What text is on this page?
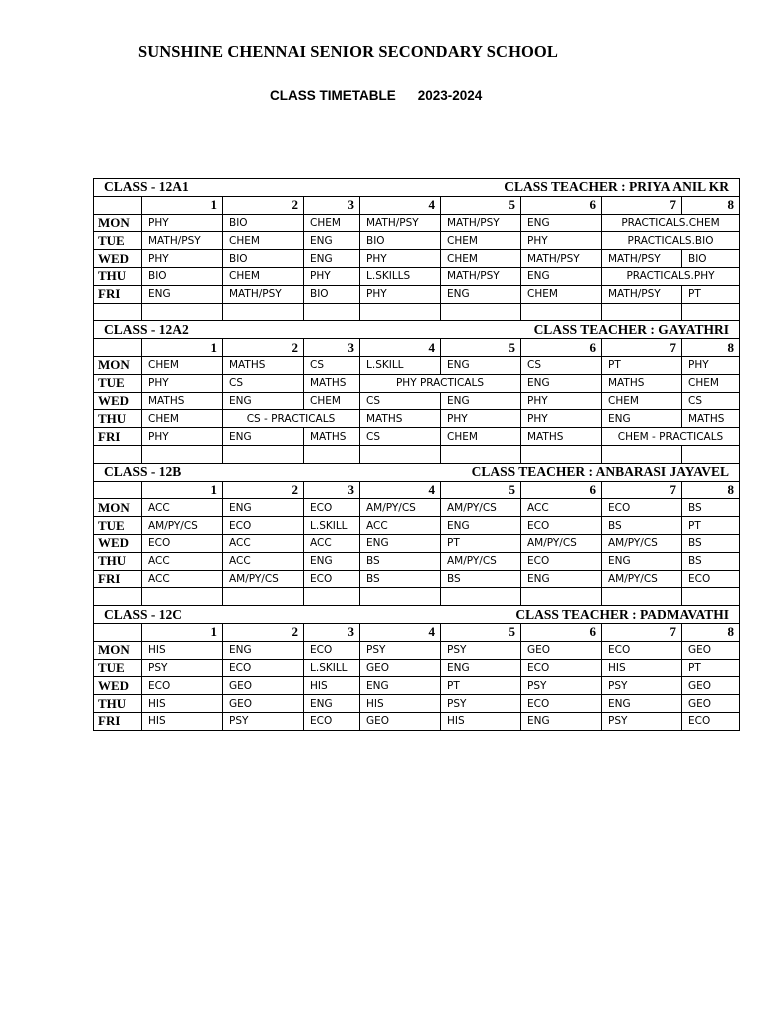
SUNSHINE CHENNAI SENIOR SECONDARY SCHOOL
CLASS TIMETABLE 2023-2024
CLASS - 12A1 CLASS TEACHER : PRIYA ANIL KR								

	1	2	3	4	5	6	7	8
MON	PHY	BIO	CHEM	MATH/PSY	MATH/PSY	ENG	PRACTICALS.CHEM	
TUE	MATH/PSY	CHEM	ENG	BIO	CHEM	PHY	PRACTICALS.BIO	
WED	PHY	BIO	ENG	PHY	CHEM	MATH/PSY	MATH/PSY	BIO
THU	BIO	CHEM	PHY	L.SKILLS	MATH/PSY	ENG	PRACTICALS.PHY	
FRI	ENG	MATH/PSY	BIO	PHY	ENG	CHEM	MATH/PSY	PT

CLASS - 12A2 CLASS TEACHER : GAYATHRI								

	1	2	3	4	5	6	7	8
MON	CHEM	MATHS	CS	L.SKILL	ENG	CS	PT	PHY
TUE	PHY	CS	MATHS	PHY PRACTICALS		ENG	MATHS	CHEM
WED	MATHS	ENG	CHEM	CS	ENG	PHY	CHEM	CS
THU	CHEM	CS - PRACTICALS		MATHS	PHY	PHY	ENG	MATHS
FRI	PHY	ENG	MATHS	CS	CHEM	MATHS	CHEM - PRACTICALS	

CLASS - 12B CLASS TEACHER : ANBARASI JAYAVEL								

	1	2	3	4	5	6	7	8
MON	ACC	ENG	ECO	AM/PY/CS	AM/PY/CS	ACC	ECO	BS
TUE	AM/PY/CS	ECO	L.SKILL	ACC	ENG	ECO	BS	PT
WED	ECO	ACC	ACC	ENG	PT	AM/PY/CS	AM/PY/CS	BS
THU	ACC	ACC	ENG	BS	AM/PY/CS	ECO	ENG	BS
FRI	ACC	AM/PY/CS	ECO	BS	BS	ENG	AM/PY/CS	ECO

CLASS - 12C CLASS TEACHER : PADMAVATHI								

	1	2	3	4	5	6	7	8
MON	HIS	ENG	ECO	PSY	PSY	GEO	ECO	GEO
TUE	PSY	ECO	L.SKILL	GEO	ENG	ECO	HIS	PT
WED	ECO	GEO	HIS	ENG	PT	PSY	PSY	GEO
THU	HIS	GEO	ENG	HIS	PSY	ECO	ENG	GEO
FRI	HIS	PSY	ECO	GEO	HIS	ENG	PSY	ECO
